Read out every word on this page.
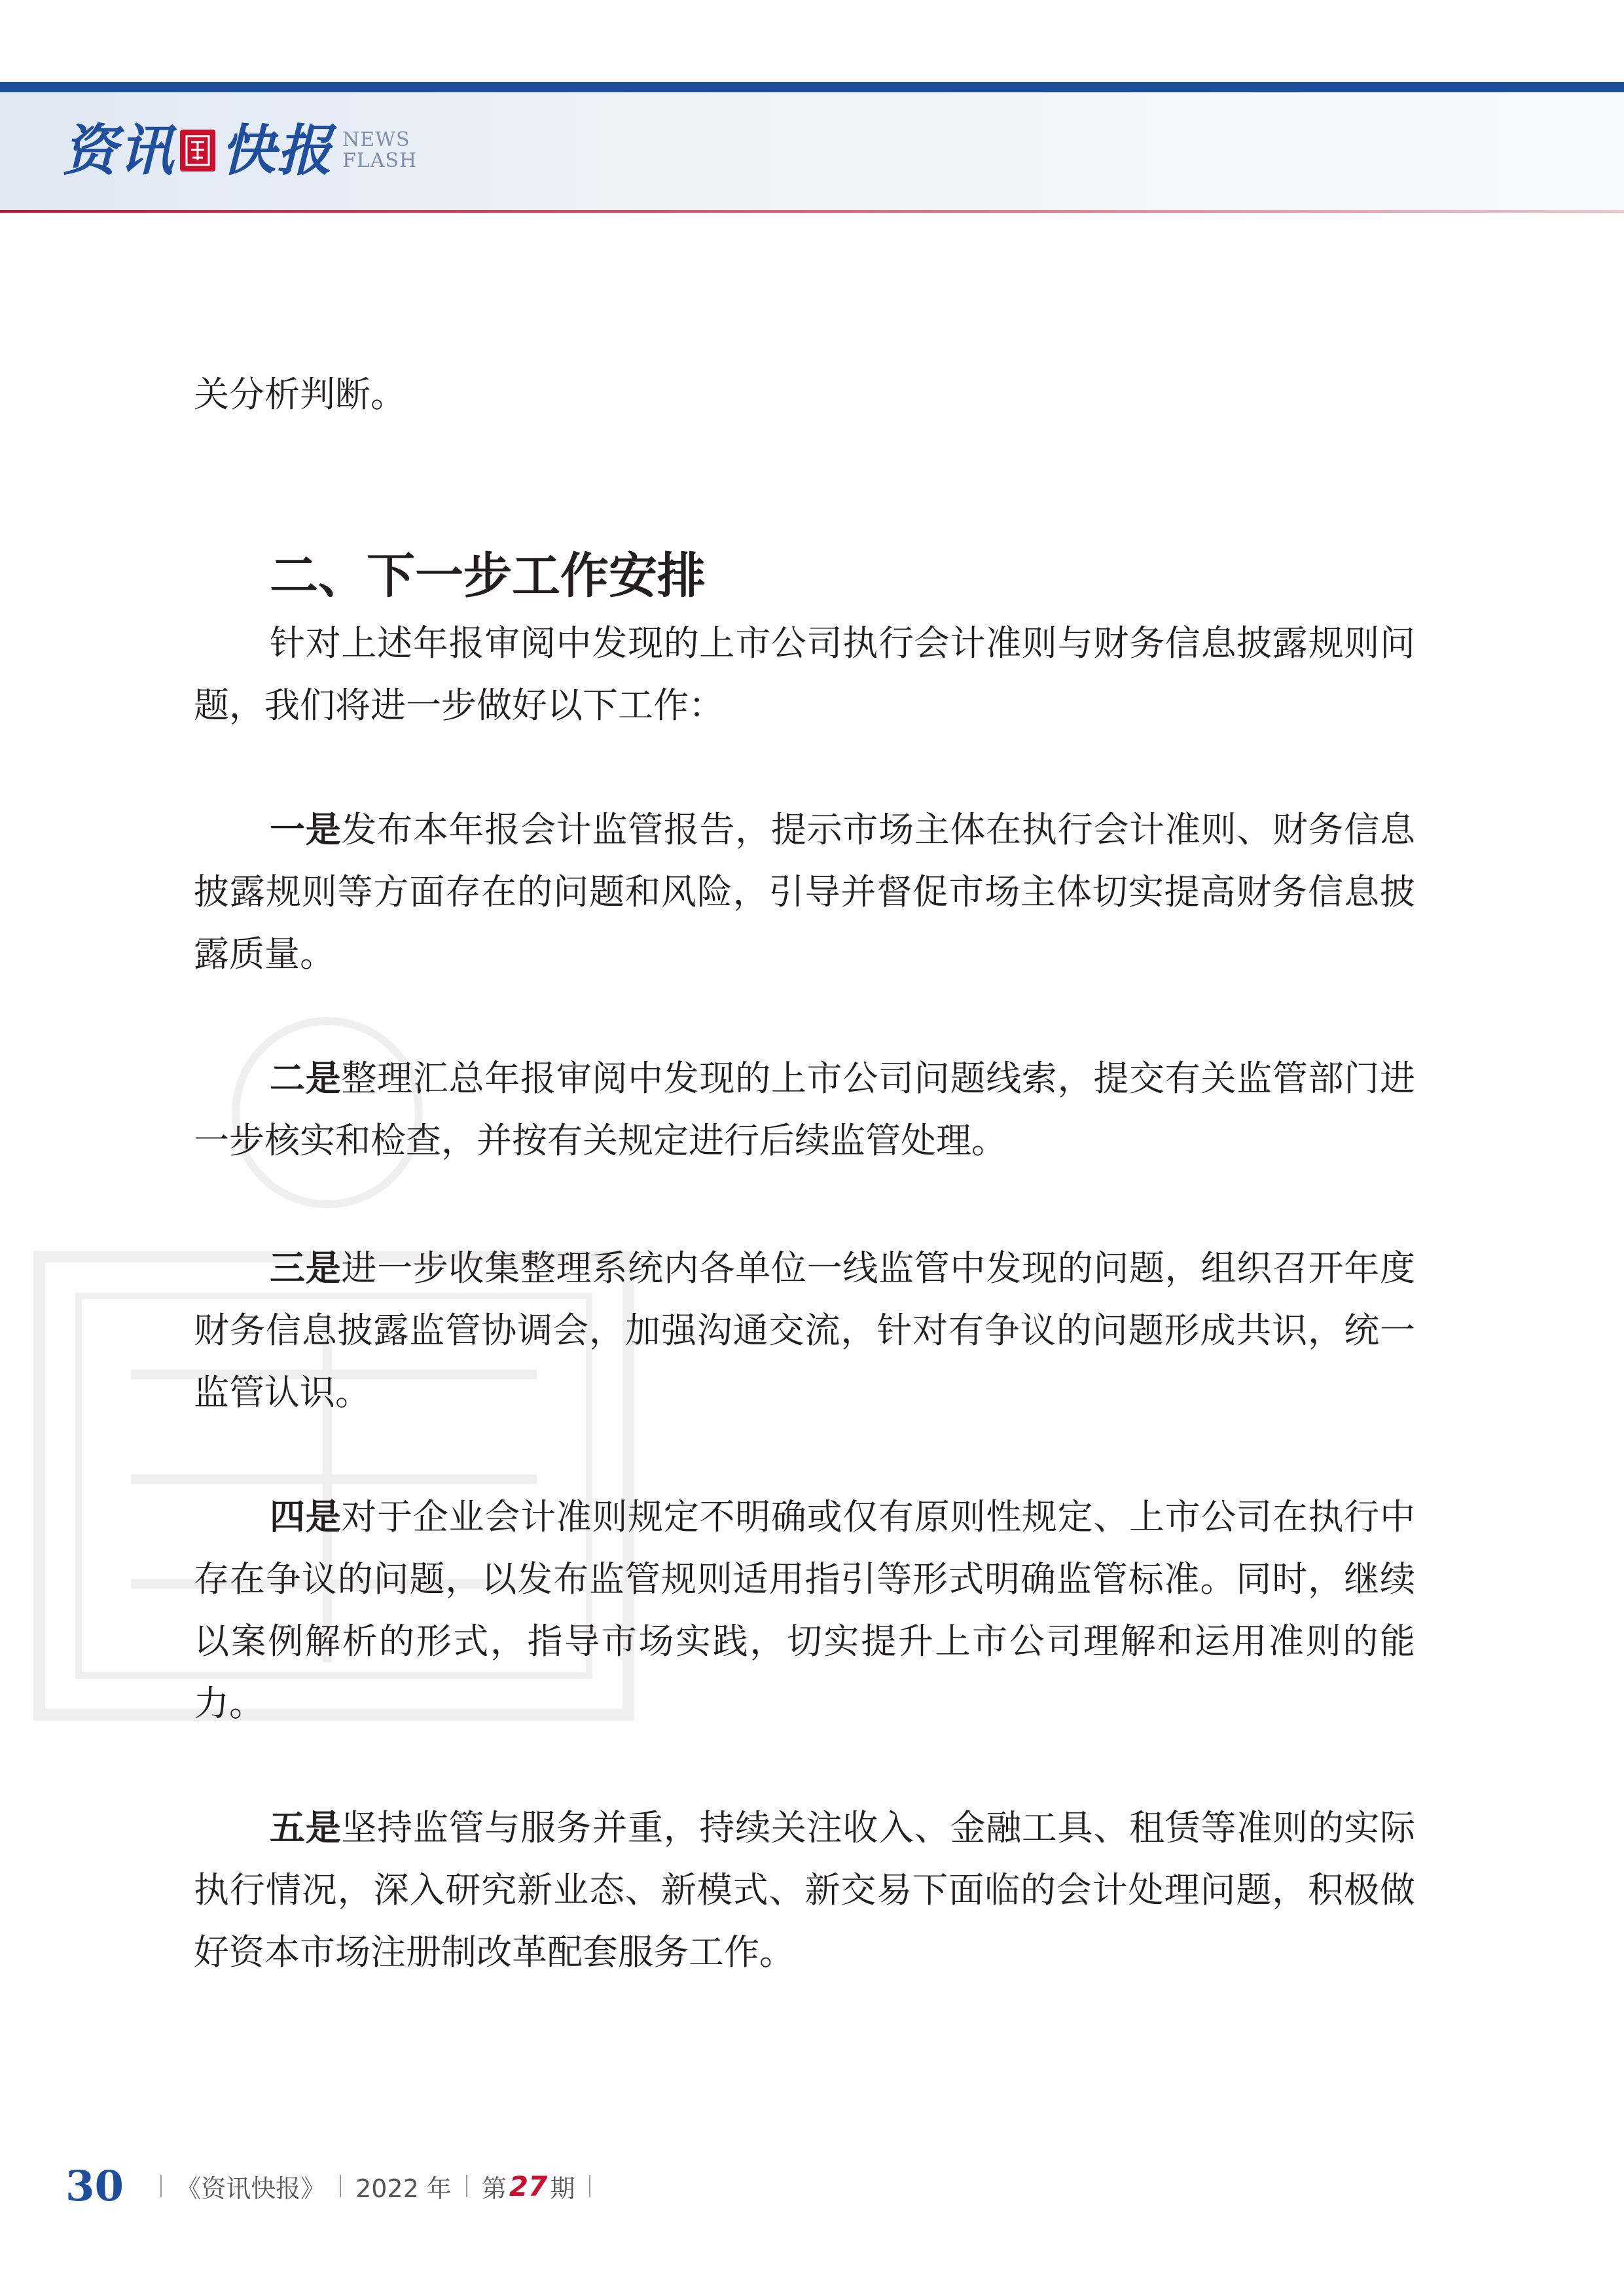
资讯 快报 NEWS
FLASH

关分析判断。

二、下一步工作安排

针对上述年报审阅中发现的上市公司执行会计准则与财务信息披露规则问题，我们将进一步做好以下工作：

一是发布本年报会计监管报告，提示市场主体在执行会计准则、财务信息披露规则等方面存在的问题和风险，引导并督促市场主体切实提高财务信息披露质量。

二是整理汇总年报审阅中发现的上市公司问题线索，提交有关监管部门进一步核实和检查，并按有关规定进行后续监管处理。

三是进一步收集整理系统内各单位一线监管中发现的问题，组织召开年度财务信息披露监管协调会，加强沟通交流，针对有争议的问题形成共识，统一监管认识。

四是对于企业会计准则规定不明确或仅有原则性规定、上市公司在执行中存在争议的问题，以发布监管规则适用指引等形式明确监管标准。同时，继续以案例解析的形式，指导市场实践，切实提升上市公司理解和运用准则的能力。

五是坚持监管与服务并重，持续关注收入、金融工具、租赁等准则的实际执行情况，深入研究新业态、新模式、新交易下面临的会计处理问题，积极做好资本市场注册制改革配套服务工作。

30 《资讯快报》 2022 年 第 27 期
